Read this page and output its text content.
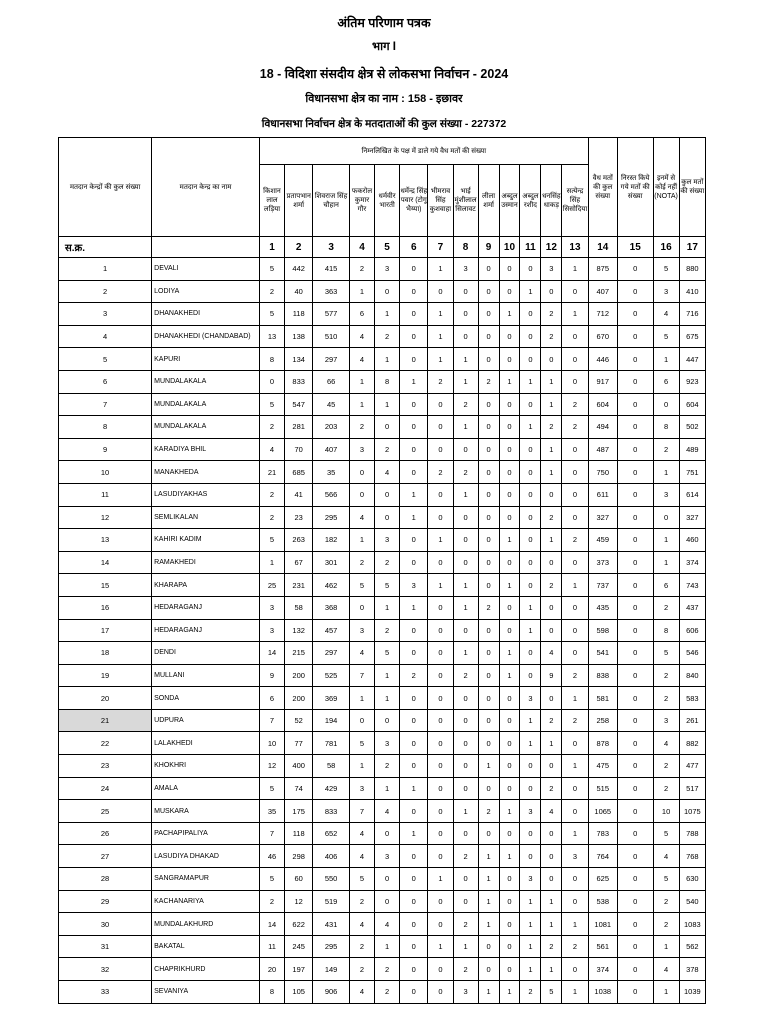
अंतिम परिणाम पत्रक
भाग I
18 - विदिशा संसदीय क्षेत्र से लोकसभा निर्वाचन - 2024
विधानसभा क्षेत्र का नाम : 158 - इछावर
विधानसभा निर्वाचन क्षेत्र के मतदाताओं की कुल संख्या - 227372
मतदान केन्द्रों की कुल संख्या	मतदान केन्द्र का नाम	निम्नलिखित के पक्ष में डाले गये वैध मतों की संख्या													वैध मतों की कुल संख्या	निरस्त किये गये मतों की संख्या	इनमें से कोई नहीं (NOTA)	कुल मतों की संख्या
		किशान लाल लड़िया	प्रतापभान शर्मा	शिवराज सिंह चौहान	फकरोल कुमार गौर	धर्मवीर भारती	धर्मेन्द्र सिंह पवार (टोगू भैय्या)	भीमराव सिंह कुशवाहा	भाई मुंशीलाल सिलावट	लीला शर्मा	अब्दुल उस्मान	अब्दुल रशीद	धनसिंह धाकड़	सत्येन्द्र सिंह सिसोदिया				
स.क्र.		1	2	3	4	5	6	7	8	9	10	11	12	13	14	15	16	17
1	DEVALI	5	442	415	2	3	0	1	3	0	0	0	3	1	875	0	5	880
2	LODIYA	2	40	363	1	0	0	0	0	0	0	1	0	0	407	0	3	410
3	DHANAKHEDI	5	118	577	6	1	0	1	0	0	1	0	2	1	712	0	4	716
4	DHANAKHEDI (CHANDABAD)	13	138	510	4	2	0	1	0	0	0	0	2	0	670	0	5	675
5	KAPURI	8	134	297	4	1	0	1	1	0	0	0	0	0	446	0	1	447
6	MUNDALAKALA	0	833	66	1	8	1	2	1	2	1	1	1	0	917	0	6	923
7	MUNDALAKALA	5	547	45	1	1	0	0	2	0	0	0	1	2	604	0	0	604
8	MUNDALAKALA	2	281	203	2	0	0	0	1	0	0	1	2	2	494	0	8	502
9	KARADIYA BHIL	4	70	407	3	2	0	0	0	0	0	0	1	0	487	0	2	489
10	MANAKHEDA	21	685	35	0	4	0	2	2	0	0	0	1	0	750	0	1	751
11	LASUDIYAKHAS	2	41	566	0	0	1	0	1	0	0	0	0	0	611	0	3	614
12	SEMLIKALAN	2	23	295	4	0	1	0	0	0	0	0	2	0	327	0	0	327
13	KAHIRI KADIM	5	263	182	1	3	0	1	0	0	1	0	1	2	459	0	1	460
14	RAMAKHEDI	1	67	301	2	2	0	0	0	0	0	0	0	0	373	0	1	374
15	KHARAPA	25	231	462	5	5	3	1	1	0	1	0	2	1	737	0	6	743
16	HEDARAGANJ	3	58	368	0	1	1	0	1	2	0	1	0	0	435	0	2	437
17	HEDARAGANJ	3	132	457	3	2	0	0	0	0	0	1	0	0	598	0	8	606
18	DENDI	14	215	297	4	5	0	0	1	0	1	0	4	0	541	0	5	546
19	MULLANI	9	200	525	7	1	2	0	2	0	1	0	9	2	838	0	2	840
20	SONDA	6	200	369	1	1	0	0	0	0	0	3	0	1	581	0	2	583
21	UDPURA	7	52	194	0	0	0	0	0	0	0	1	2	2	258	0	3	261
22	LALAKHEDI	10	77	781	5	3	0	0	0	0	0	1	1	0	878	0	4	882
23	KHOKHRI	12	400	58	1	2	0	0	0	1	0	0	0	1	475	0	2	477
24	AMALA	5	74	429	3	1	1	0	0	0	0	0	2	0	515	0	2	517
25	MUSKARA	35	175	833	7	4	0	0	1	2	1	3	4	0	1065	0	10	1075
26	PACHAPIPALIYA	7	118	652	4	0	1	0	0	0	0	0	0	1	783	0	5	788
27	LASUDIYA DHAKAD	46	298	406	4	3	0	0	2	1	1	0	0	3	764	0	4	768
28	SANGRAMAPUR	5	60	550	5	0	0	1	0	1	0	3	0	0	625	0	5	630
29	KACHANARIYA	2	12	519	2	0	0	0	0	1	0	1	1	0	538	0	2	540
30	MUNDALAKHURD	14	622	431	4	4	0	0	2	1	0	1	1	1	1081	0	2	1083
31	BAKATAL	11	245	295	2	1	0	1	1	0	0	1	2	2	561	0	1	562
32	CHAPRIKHURD	20	197	149	2	2	0	0	2	0	0	1	1	0	374	0	4	378
33	SEVANIYA	8	105	906	4	2	0	0	3	1	1	2	5	1	1038	0	1	1039
